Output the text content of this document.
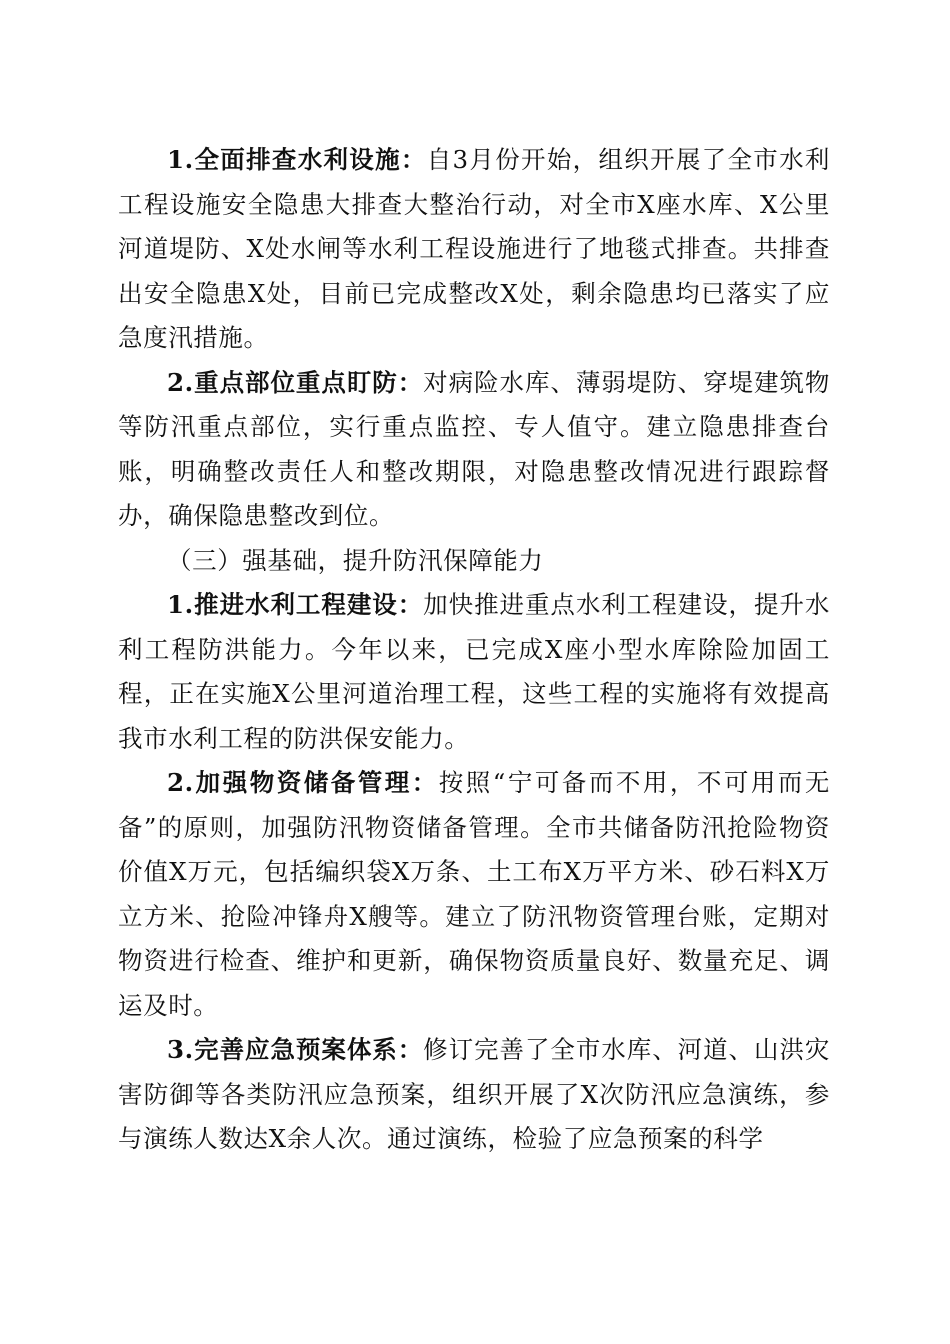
1.全面排查水利设施：自3月份开始，组织开展了全市水利工程设施安全隐患大排查大整治行动，对全市X座水库、X公里河道堤防、X处水闸等水利工程设施进行了地毯式排查。共排查出安全隐患X处，目前已完成整改X处，剩余隐患均已落实了应急度汛措施。

2.重点部位重点盯防：对病险水库、薄弱堤防、穿堤建筑物等防汛重点部位，实行重点监控、专人值守。建立隐患排查台账，明确整改责任人和整改期限，对隐患整改情况进行跟踪督办，确保隐患整改到位。

（三）强基础，提升防汛保障能力

1.推进水利工程建设：加快推进重点水利工程建设，提升水利工程防洪能力。今年以来，已完成X座小型水库除险加固工程，正在实施X公里河道治理工程，这些工程的实施将有效提高我市水利工程的防洪保安能力。

2.加强物资储备管理：按照“宁可备而不用，不可用而无备”的原则，加强防汛物资储备管理。全市共储备防汛抢险物资价值X万元，包括编织袋X万条、土工布X万平方米、砂石料X万立方米、抢险冲锋舟X艘等。建立了防汛物资管理台账，定期对物资进行检查、维护和更新，确保物资质量良好、数量充足、调运及时。

3.完善应急预案体系：修订完善了全市水库、河道、山洪灾害防御等各类防汛应急预案，组织开展了X次防汛应急演练，参与演练人数达X余人次。通过演练，检验了应急预案的科学
